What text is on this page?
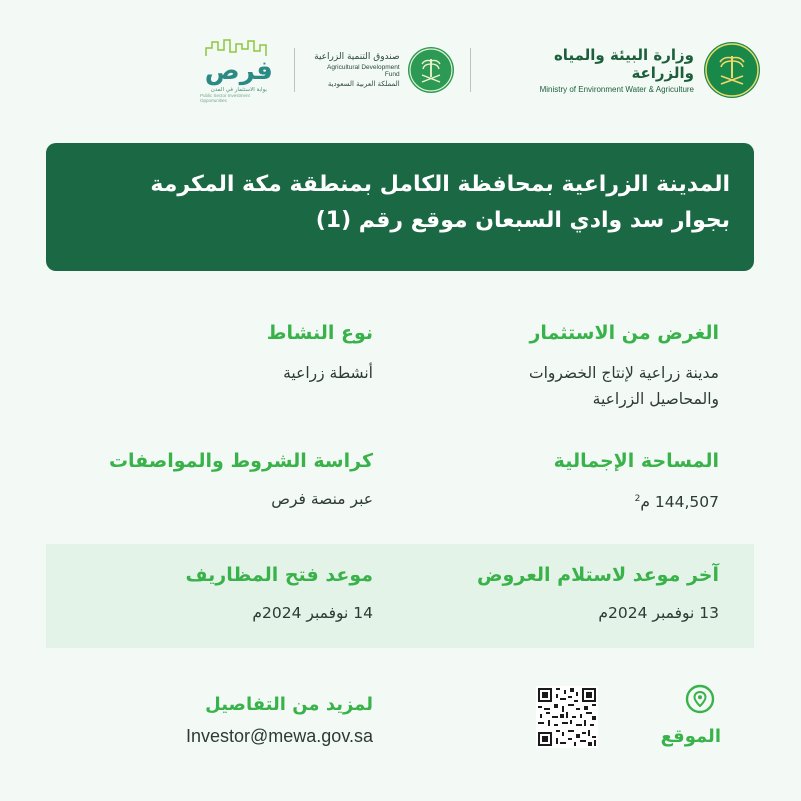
وزارة البيئة والمياه والزراعة
Ministry of Environment Water & Agriculture
صندوق التنمية الزراعية
Agricultural Development Fund
المملكة العربية السعودية
فرص
بوابة الاستثمار في المدن
Public Sector Investment Opportunities
المدينة الزراعية بمحافظة الكامل بمنطقة مكة المكرمة
بجوار سد وادي السبعان موقع رقم (1)
الغرض من الاستثمار
مدينة زراعية لإنتاج الخضروات
والمحاصيل الزراعية
نوع النشاط
أنشطة زراعية
المساحة الإجمالية
144,507 م$^2$
كراسة الشروط والمواصفات
عبر منصة فرص
آخر موعد لاستلام العروض
13 نوفمبر 2024م
موعد فتح المظاريف
14 نوفمبر 2024م
الموقع
لمزيد من التفاصيل
Investor@mewa.gov.sa
